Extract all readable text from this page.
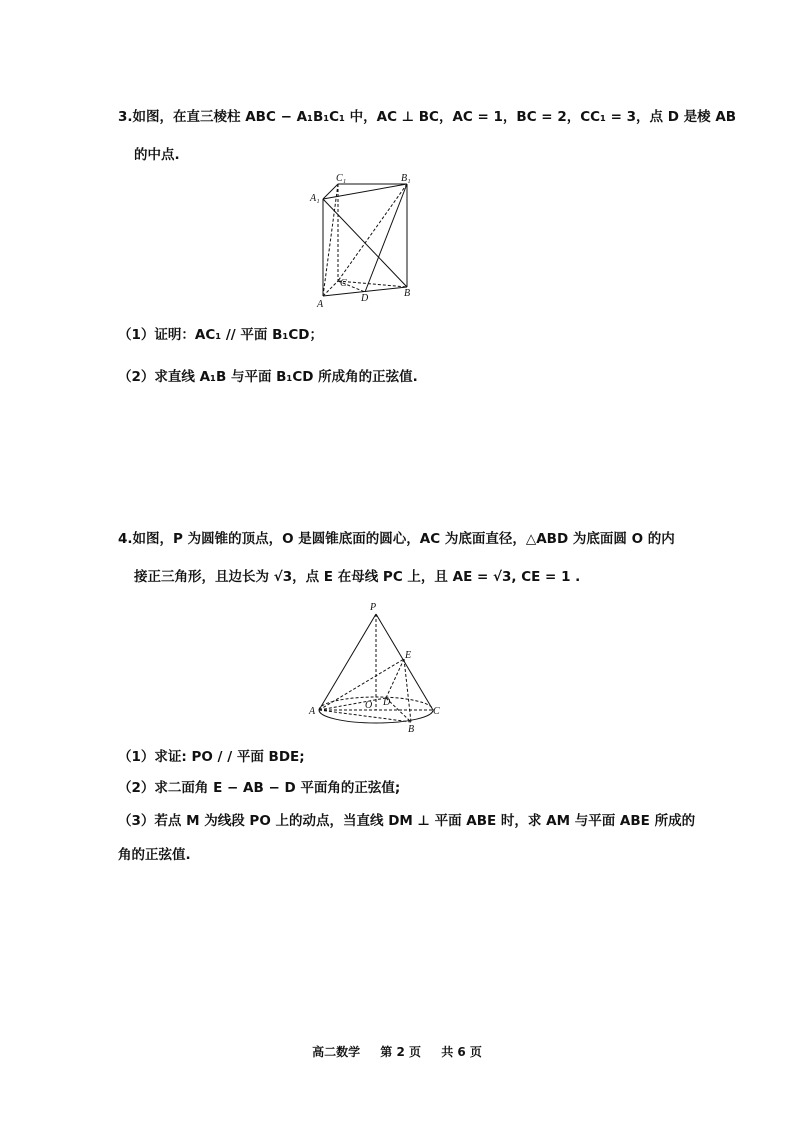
3.如图，在直三棱柱 ABC − A₁B₁C₁ 中，AC ⊥ BC，AC = 1，BC = 2，CC₁ = 3，点 D 是棱 AB
的中点.
C₁	B₁
A₁
C
A
D	B
（1）证明：AC₁ // 平面 B₁CD；
（2）求直线 A₁B 与平面 B₁CD 所成角的正弦值.
4.如图，P 为圆锥的顶点，O 是圆锥底面的圆心，AC 为底面直径，△ABD 为底面圆 O 的内
接正三角形，且边长为 √3，点 E 在母线 PC 上，且 AE = √3, CE = 1 .
P
E
A
O D
C
B
（1）求证: PO / / 平面 BDE;
（2）求二面角 E − AB − D 平面角的正弦值;
（3）若点 M 为线段 PO 上的动点，当直线 DM ⊥ 平面 ABE 时，求 AM 与平面 ABE 所成的
角的正弦值.
高二数学 第 2 页 共 6 页
